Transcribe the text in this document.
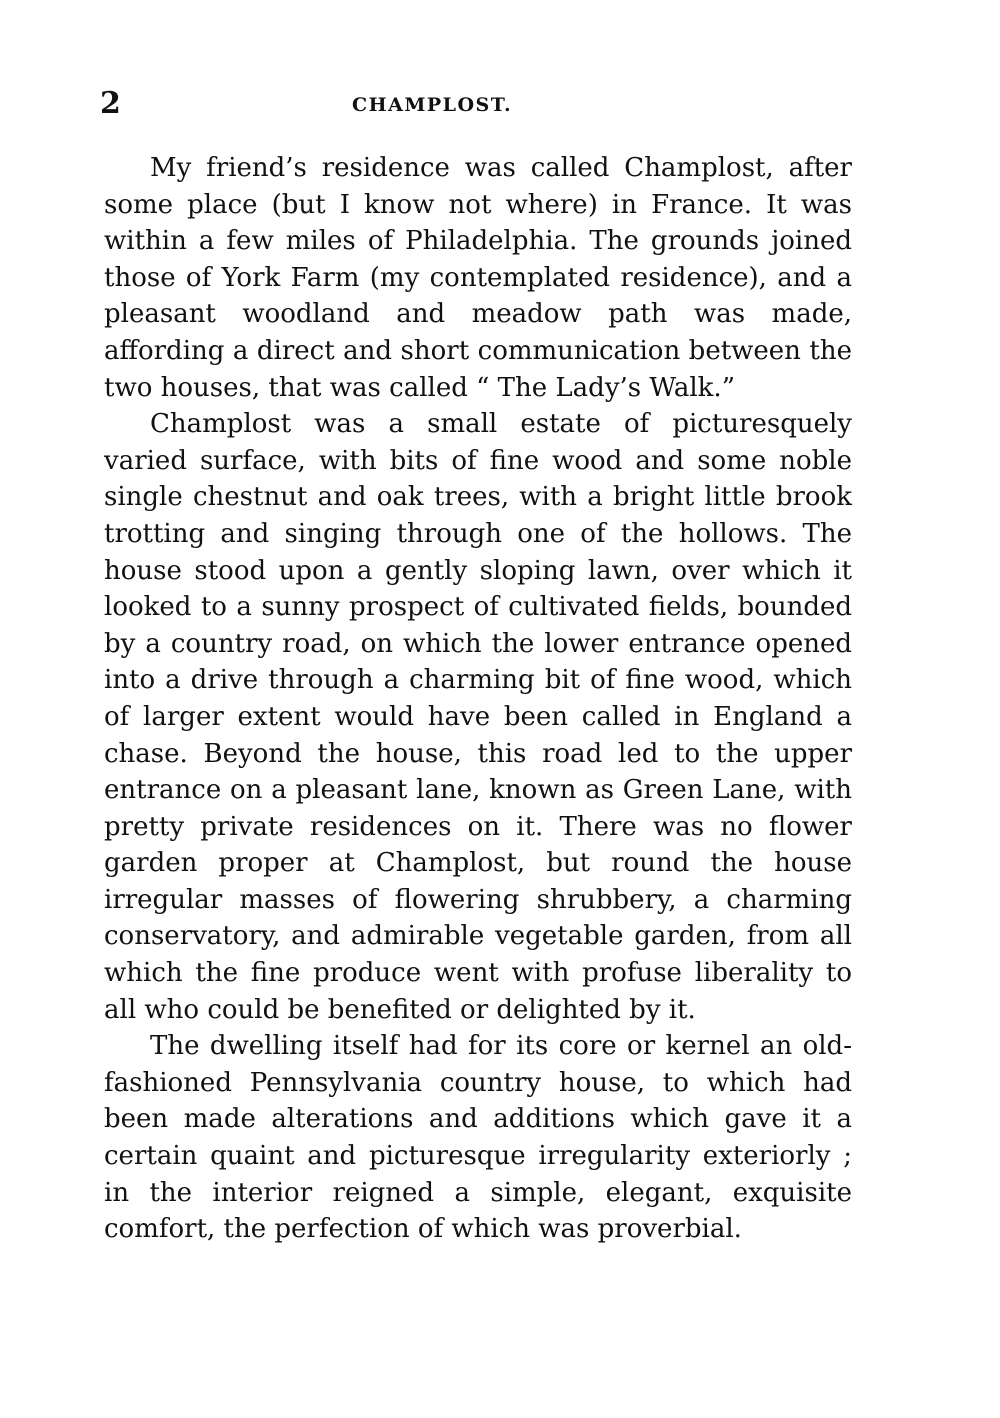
2	CHAMPLOST.

My friend’s residence was called Champlost, after some place (but I know not where) in France. It was within a few miles of Philadelphia. The grounds joined those of York Farm (my contemplated residence), and a pleasant woodland and meadow path was made, affording a direct and short communication between the two houses, that was called “ The Lady’s Walk.”

Champlost was a small estate of picturesquely varied surface, with bits of fine wood and some noble single chestnut and oak trees, with a bright little brook trotting and singing through one of the hollows. The house stood upon a gently sloping lawn, over which it looked to a sunny prospect of cultivated fields, bounded by a country road, on which the lower entrance opened into a drive through a charming bit of fine wood, which of larger extent would have been called in England a chase. Beyond the house, this road led to the upper entrance on a pleasant lane, known as Green Lane, with pretty private residences on it. There was no flower garden proper at Champlost, but round the house irregular masses of flowering shrubbery, a charming conservatory, and admirable vegetable garden, from all which the fine produce went with profuse liberality to all who could be benefited or delighted by it.

The dwelling itself had for its core or kernel an old-fashioned Pennsylvania country house, to which had been made alterations and additions which gave it a certain quaint and picturesque irregularity exteriorly ; in the interior reigned a simple, elegant, exquisite comfort, the perfection of which was proverbial.
